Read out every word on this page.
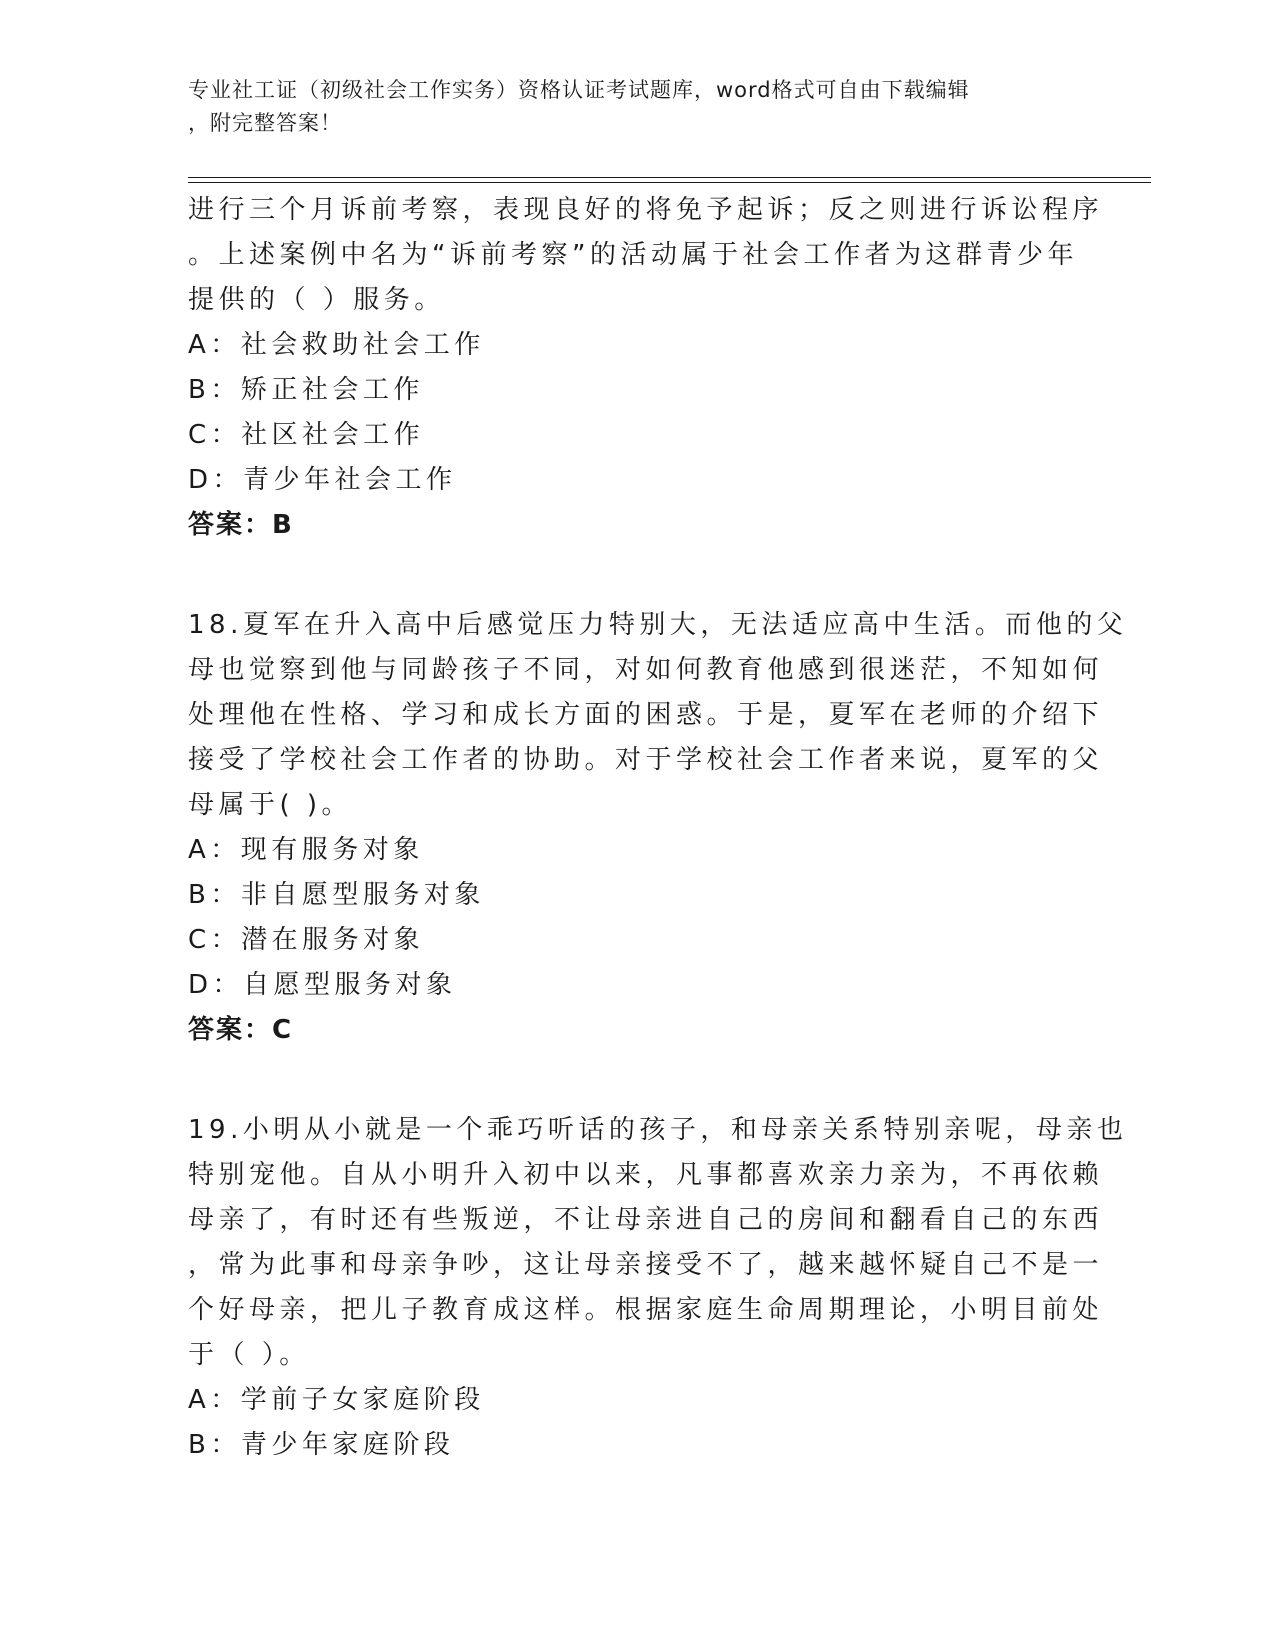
专业社工证（初级社会工作实务）资格认证考试题库，word格式可自由下载编辑
，附完整答案！
进行三个月诉前考察，表现良好的将免予起诉；反之则进行诉讼程序
。上述案例中名为“诉前考察”的活动属于社会工作者为这群青少年
提供的（ ）服务。
A：社会救助社会工作
B：矫正社会工作
C：社区社会工作
D：青少年社会工作
答案：B
18.夏军在升入高中后感觉压力特别大，无法适应高中生活。而他的父
母也觉察到他与同龄孩子不同，对如何教育他感到很迷茫，不知如何
处理他在性格、学习和成长方面的困惑。于是，夏军在老师的介绍下
接受了学校社会工作者的协助。对于学校社会工作者来说，夏军的父
母属于( )。
A：现有服务对象
B：非自愿型服务对象
C：潜在服务对象
D：自愿型服务对象
答案：C
19.小明从小就是一个乖巧听话的孩子，和母亲关系特别亲呢，母亲也
特别宠他。自从小明升入初中以来，凡事都喜欢亲力亲为，不再依赖
母亲了，有时还有些叛逆，不让母亲进自己的房间和翻看自己的东西
，常为此事和母亲争吵，这让母亲接受不了，越来越怀疑自己不是一
个好母亲，把儿子教育成这样。根据家庭生命周期理论，小明目前处
于（ ）。
A：学前子女家庭阶段
B：青少年家庭阶段
